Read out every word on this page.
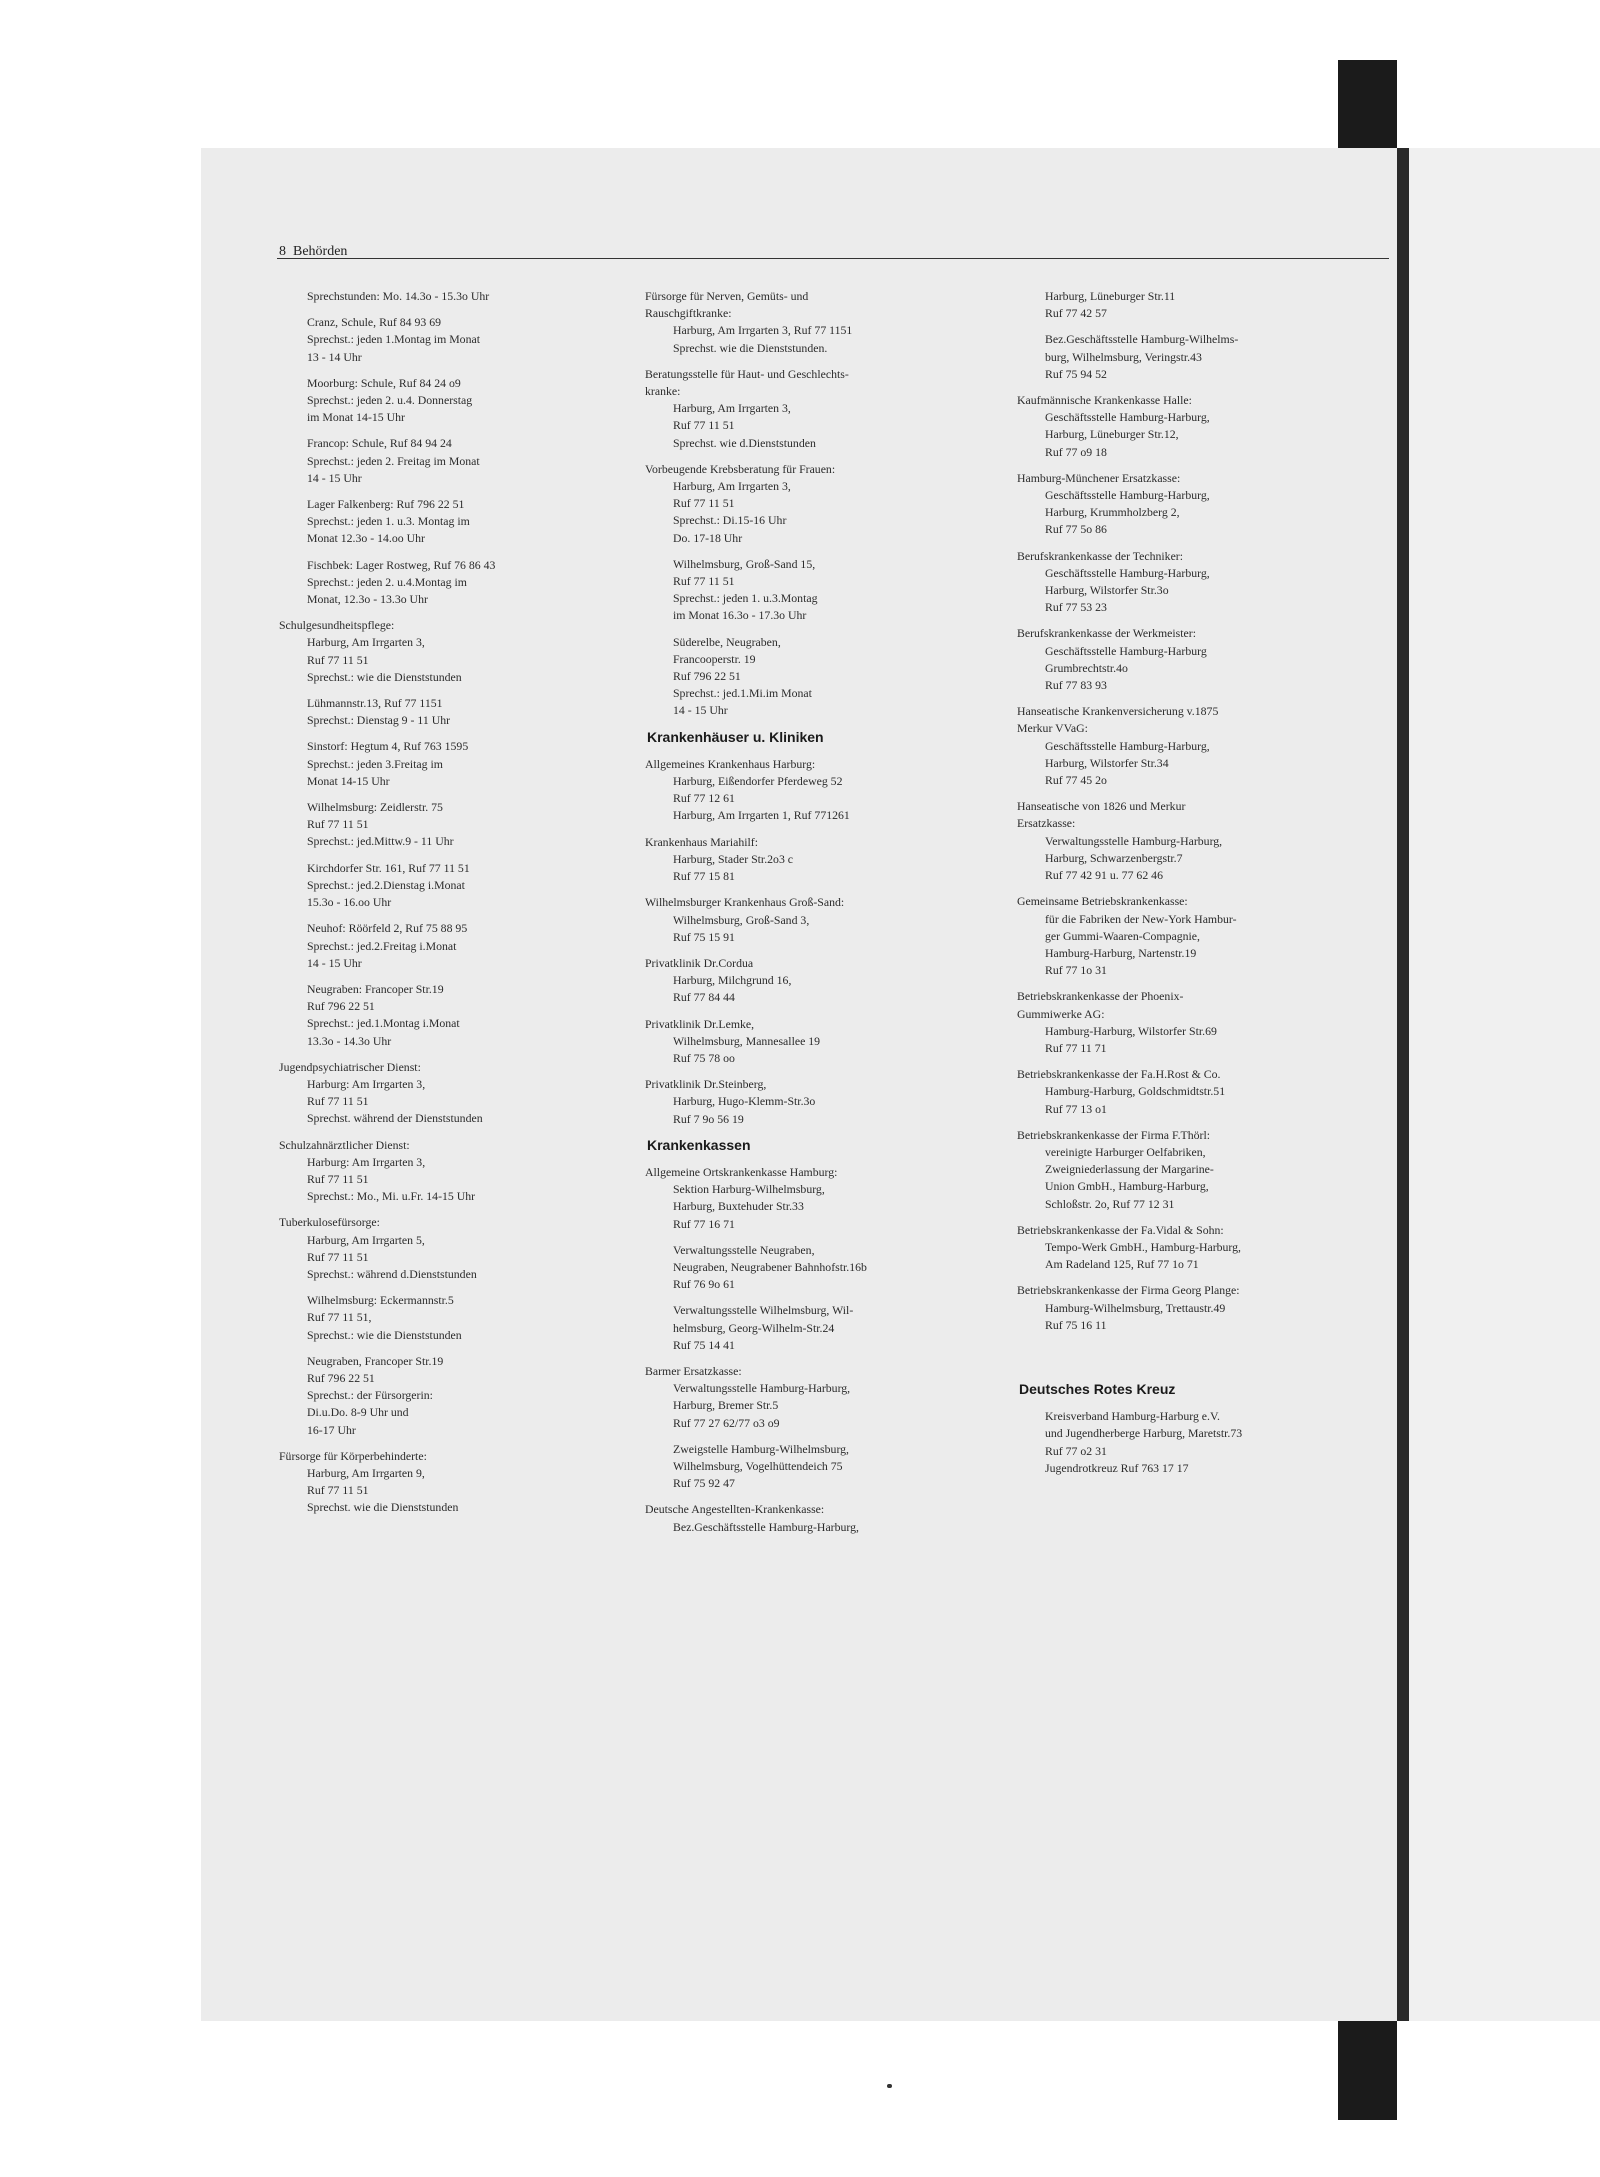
8 Behörden
Sprechstunden: Mo. 14.3o - 15.3o Uhr
Cranz, Schule, Ruf 84 93 69
Sprechst.: jeden 1.Montag im Monat
13 - 14 Uhr
Moorburg: Schule, Ruf 84 24 o9
Sprechst.: jeden 2. u.4. Donnerstag
im Monat 14-15 Uhr
Francop: Schule, Ruf 84 94 24
Sprechst.: jeden 2. Freitag im Monat
14 - 15 Uhr
Lager Falkenberg: Ruf 796 22 51
Sprechst.: jeden 1. u.3. Montag im
Monat 12.3o - 14.oo Uhr
Fischbek: Lager Rostweg, Ruf 76 86 43
Sprechst.: jeden 2. u.4.Montag im
Monat, 12.3o - 13.3o Uhr
Schulgesundheitspflege:
Harburg, Am Irrgarten 3,
Ruf 77 11 51
Sprechst.: wie die Dienststunden
Lühmannstr.13, Ruf 77 1151
Sprechst.: Dienstag 9 - 11 Uhr
Sinstorf: Hegtum 4, Ruf 763 1595
Sprechst.: jeden 3.Freitag im
Monat 14-15 Uhr
Wilhelmsburg: Zeidlerstr. 75
Ruf 77 11 51
Sprechst.: jed.Mittw.9 - 11 Uhr
Kirchdorfer Str. 161, Ruf 77 11 51
Sprechst.: jed.2.Dienstag i.Monat
15.3o - 16.oo Uhr
Neuhof: Röörfeld 2, Ruf 75 88 95
Sprechst.: jed.2.Freitag i.Monat
14 - 15 Uhr
Neugraben: Francoper Str.19
Ruf 796 22 51
Sprechst.: jed.1.Montag i.Monat
13.3o - 14.3o Uhr
Jugendpsychiatrischer Dienst:
Harburg: Am Irrgarten 3,
Ruf 77 11 51
Sprechst. während der Dienststunden
Schulzahnärztlicher Dienst:
Harburg: Am Irrgarten 3,
Ruf 77 11 51
Sprechst.: Mo., Mi. u.Fr. 14-15 Uhr
Tuberkulosefürsorge:
Harburg, Am Irrgarten 5,
Ruf 77 11 51
Sprechst.: während d.Dienststunden
Wilhelmsburg: Eckermannstr.5
Ruf 77 11 51,
Sprechst.: wie die Dienststunden
Neugraben, Francoper Str.19
Ruf 796 22 51
Sprechst.: der Fürsorgerin:
Di.u.Do. 8-9 Uhr und
16-17 Uhr
Fürsorge für Körperbehinderte:
Harburg, Am Irrgarten 9,
Ruf 77 11 51
Sprechst. wie die Dienststunden
Fürsorge für Nerven, Gemüts- und
Rauschgiftkranke:
Harburg, Am Irrgarten 3, Ruf 77 1151
Sprechst. wie die Dienststunden.
Beratungsstelle für Haut- und Geschlechts-
kranke:
Harburg, Am Irrgarten 3,
Ruf 77 11 51
Sprechst. wie d.Dienststunden
Vorbeugende Krebsberatung für Frauen:
Harburg, Am Irrgarten 3,
Ruf 77 11 51
Sprechst.: Di.15-16 Uhr
Do. 17-18 Uhr
Wilhelmsburg, Groß-Sand 15,
Ruf 77 11 51
Sprechst.: jeden 1. u.3.Montag
im Monat 16.3o - 17.3o Uhr
Süderelbe, Neugraben,
Francooperstr. 19
Ruf 796 22 51
Sprechst.: jed.1.Mi.im Monat
14 - 15 Uhr
Krankenhäuser u. Kliniken
Allgemeines Krankenhaus Harburg:
Harburg, Eißendorfer Pferdeweg 52
Ruf 77 12 61
Harburg, Am Irrgarten 1, Ruf 771261
Krankenhaus Mariahilf:
Harburg, Stader Str.2o3 c
Ruf 77 15 81
Wilhelmsburger Krankenhaus Groß-Sand:
Wilhelmsburg, Groß-Sand 3,
Ruf 75 15 91
Privatklinik Dr.Cordua
Harburg, Milchgrund 16,
Ruf 77 84 44
Privatklinik Dr.Lemke,
Wilhelmsburg, Mannesallee 19
Ruf 75 78 oo
Privatklinik Dr.Steinberg,
Harburg, Hugo-Klemm-Str.3o
Ruf 7 9o 56 19
Krankenkassen
Allgemeine Ortskrankenkasse Hamburg:
Sektion Harburg-Wilhelmsburg,
Harburg, Buxtehuder Str.33
Ruf 77 16 71
Verwaltungsstelle Neugraben,
Neugraben, Neugrabener Bahnhofstr.16b
Ruf 76 9o 61
Verwaltungsstelle Wilhelmsburg, Wil-
helmsburg, Georg-Wilhelm-Str.24
Ruf 75 14 41
Barmer Ersatzkasse:
Verwaltungsstelle Hamburg-Harburg,
Harburg, Bremer Str.5
Ruf 77 27 62/77 o3 o9
Zweigstelle Hamburg-Wilhelmsburg,
Wilhelmsburg, Vogelhüttendeich 75
Ruf 75 92 47
Deutsche Angestellten-Krankenkasse:
Bez.Geschäftsstelle Hamburg-Harburg,
Harburg, Lüneburger Str.11
Ruf 77 42 57
Bez.Geschäftsstelle Hamburg-Wilhelms-
burg, Wilhelmsburg, Veringstr.43
Ruf 75 94 52
Kaufmännische Krankenkasse Halle:
Geschäftsstelle Hamburg-Harburg,
Harburg, Lüneburger Str.12,
Ruf 77 o9 18
Hamburg-Münchener Ersatzkasse:
Geschäftsstelle Hamburg-Harburg,
Harburg, Krummholzberg 2,
Ruf 77 5o 86
Berufskrankenkasse der Techniker:
Geschäftsstelle Hamburg-Harburg,
Harburg, Wilstorfer Str.3o
Ruf 77 53 23
Berufskrankenkasse der Werkmeister:
Geschäftsstelle Hamburg-Harburg
Grumbrechtstr.4o
Ruf 77 83 93
Hanseatische Krankenversicherung v.1875
Merkur VVaG:
Geschäftsstelle Hamburg-Harburg,
Harburg, Wilstorfer Str.34
Ruf 77 45 2o
Hanseatische von 1826 und Merkur
Ersatzkasse:
Verwaltungsstelle Hamburg-Harburg,
Harburg, Schwarzenbergstr.7
Ruf 77 42 91 u. 77 62 46
Gemeinsame Betriebskrankenkasse:
für die Fabriken der New-York Hambur-
ger Gummi-Waaren-Compagnie,
Hamburg-Harburg, Nartenstr.19
Ruf 77 1o 31
Betriebskrankenkasse der Phoenix-
Gummiwerke AG:
Hamburg-Harburg, Wilstorfer Str.69
Ruf 77 11 71
Betriebskrankenkasse der Fa.H.Rost & Co.
Hamburg-Harburg, Goldschmidtstr.51
Ruf 77 13 o1
Betriebskrankenkasse der Firma F.Thörl:
vereinigte Harburger Oelfabriken,
Zweigniederlassung der Margarine-
Union GmbH., Hamburg-Harburg,
Schloßstr. 2o, Ruf 77 12 31
Betriebskrankenkasse der Fa.Vidal & Sohn:
Tempo-Werk GmbH., Hamburg-Harburg,
Am Radeland 125, Ruf 77 1o 71
Betriebskrankenkasse der Firma Georg Plange:
Hamburg-Wilhelmsburg, Trettaustr.49
Ruf 75 16 11
Deutsches Rotes Kreuz
Kreisverband Hamburg-Harburg e.V.
und Jugendherberge Harburg, Maretstr.73
Ruf 77 o2 31
Jugendrotkreuz Ruf 763 17 17
